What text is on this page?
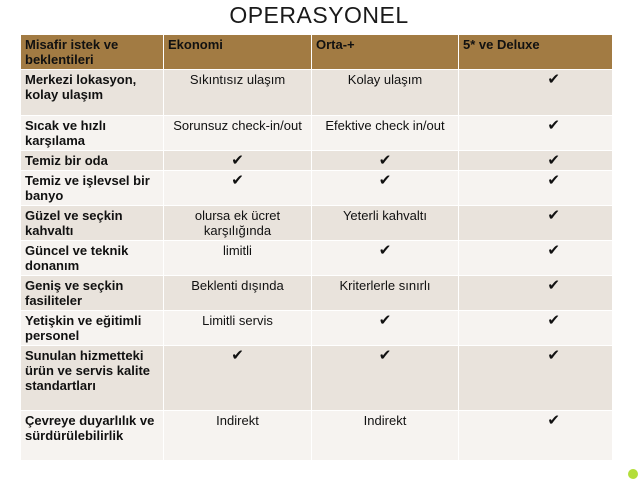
OPERASYONEL
Misafir istek ve beklentileri	Ekonomi	Orta-+	5* ve Deluxe
Merkezi lokasyon, kolay ulaşım	Sıkıntısız ulaşım	Kolay ulaşım	✔
Sıcak ve hızlı karşılama	Sorunsuz check-in/out	Efektive check in/out	✔
Temiz bir oda	✔	✔	✔
Temiz ve işlevsel bir banyo	✔	✔	✔
Güzel ve seçkin kahvaltı	olursa ek ücret karşılığında	Yeterli kahvaltı	✔
Güncel ve teknik donanım	limitli	✔	✔
Geniş ve seçkin fasiliteler	Beklenti dışında	Kriterlerle sınırlı	✔
Yetişkin ve eğitimli personel	Limitli servis	✔	✔
Sunulan hizmetteki ürün ve servis kalite standartları	✔	✔	✔
Çevreye duyarlılık ve sürdürülebilirlik	Indirekt	Indirekt	✔
